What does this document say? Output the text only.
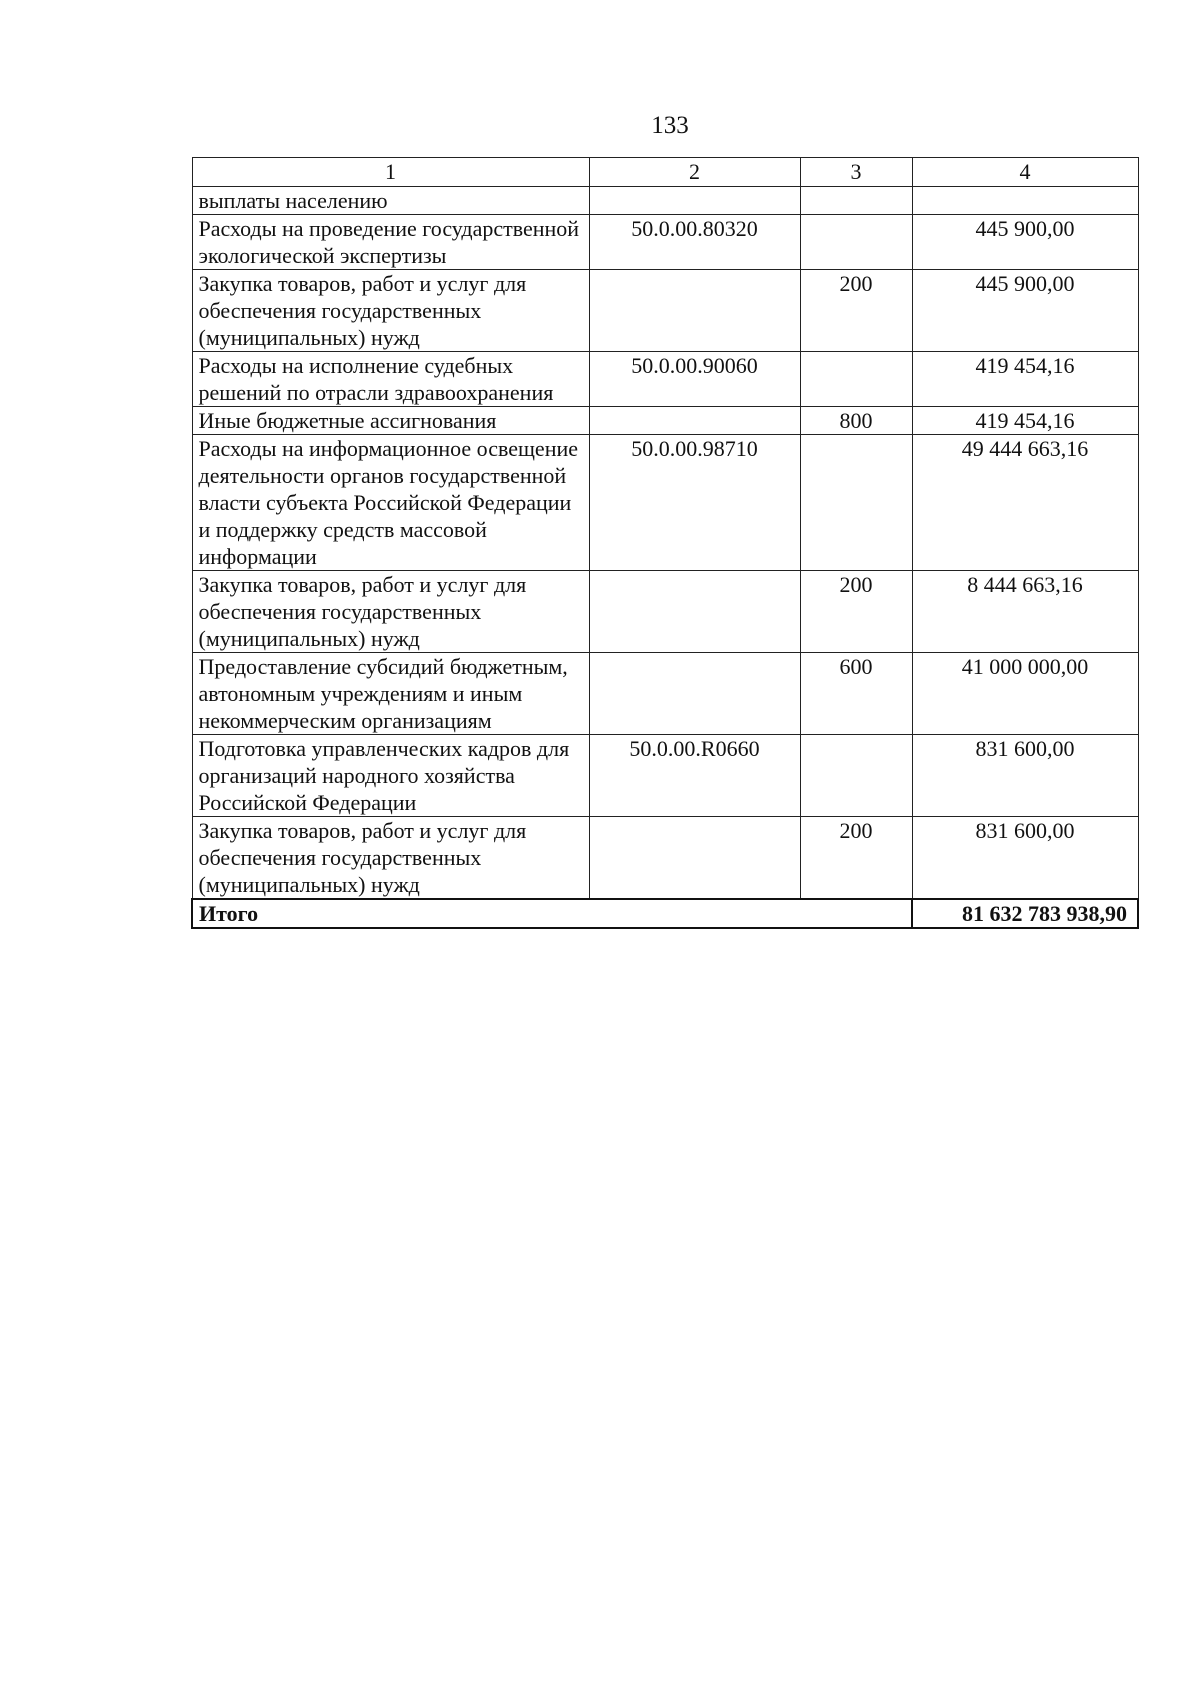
133
1	2	3	4
выплаты населению			
Расходы на проведение государственной экологической экспертизы	50.0.00.80320		445 900,00
Закупка товаров, работ и услуг для обеспечения государственных (муниципальных) нужд		200	445 900,00
Расходы на исполнение судебных решений по отрасли здравоохранения	50.0.00.90060		419 454,16
Иные бюджетные ассигнования		800	419 454,16
Расходы на информационное освещение деятельности органов государственной власти субъекта Российской Федерации и поддержку средств массовой информации	50.0.00.98710		49 444 663,16
Закупка товаров, работ и услуг для обеспечения государственных (муниципальных) нужд		200	8 444 663,16
Предоставление субсидий бюджетным, автономным учреждениям и иным некоммерческим организациям		600	41 000 000,00
Подготовка управленческих кадров для организаций народного хозяйства Российской Федерации	50.0.00.R0660		831 600,00
Закупка товаров, работ и услуг для обеспечения государственных (муниципальных) нужд		200	831 600,00
Итого			81 632 783 938,90
